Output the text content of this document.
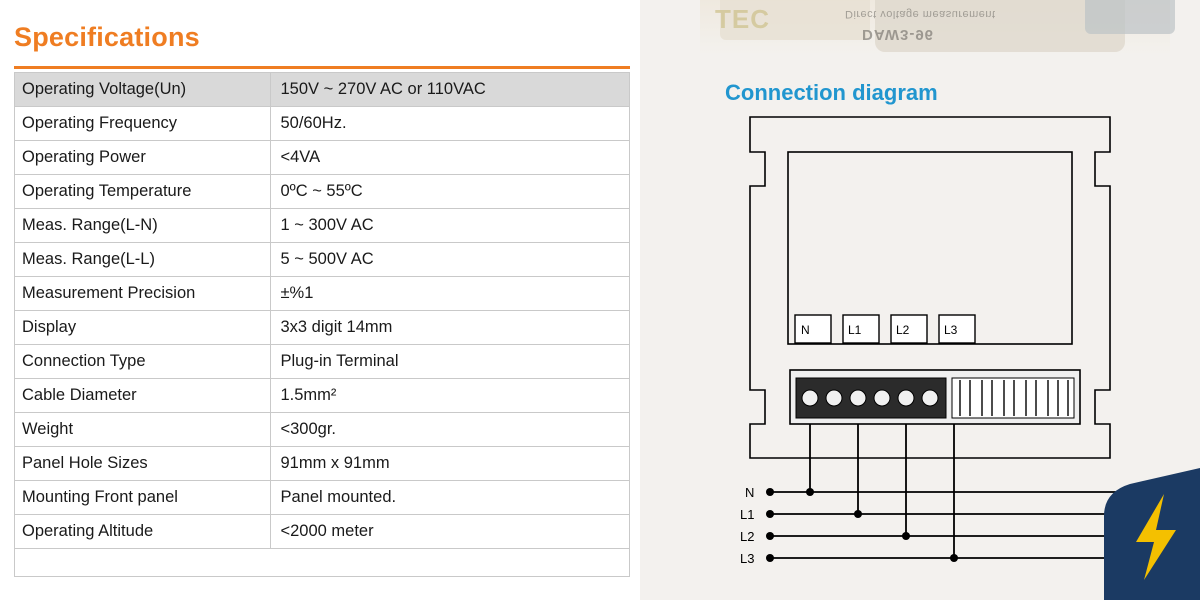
Specifications
Operating Voltage(Un)	150V ~ 270V AC or 110VAC
Operating Frequency	50/60Hz.
Operating Power	<4VA
Operating Temperature	0ºC ~ 55ºC
Meas. Range(L-N)	1 ~ 300V AC
Meas. Range(L-L)	5 ~ 500V AC
Measurement Precision	±%1
Display	3x3 digit 14mm
Connection Type	Plug-in Terminal
Cable Diameter	1.5mm²
Weight	<300gr.
Panel Hole Sizes	91mm x 91mm
Mounting Front panel	Panel mounted.
Operating Altitude	<2000 meter
TEC	Direct voltage measurement
DAW3-96
Connection diagram
N	L1	L2	L3
N
L1
L2
L3
